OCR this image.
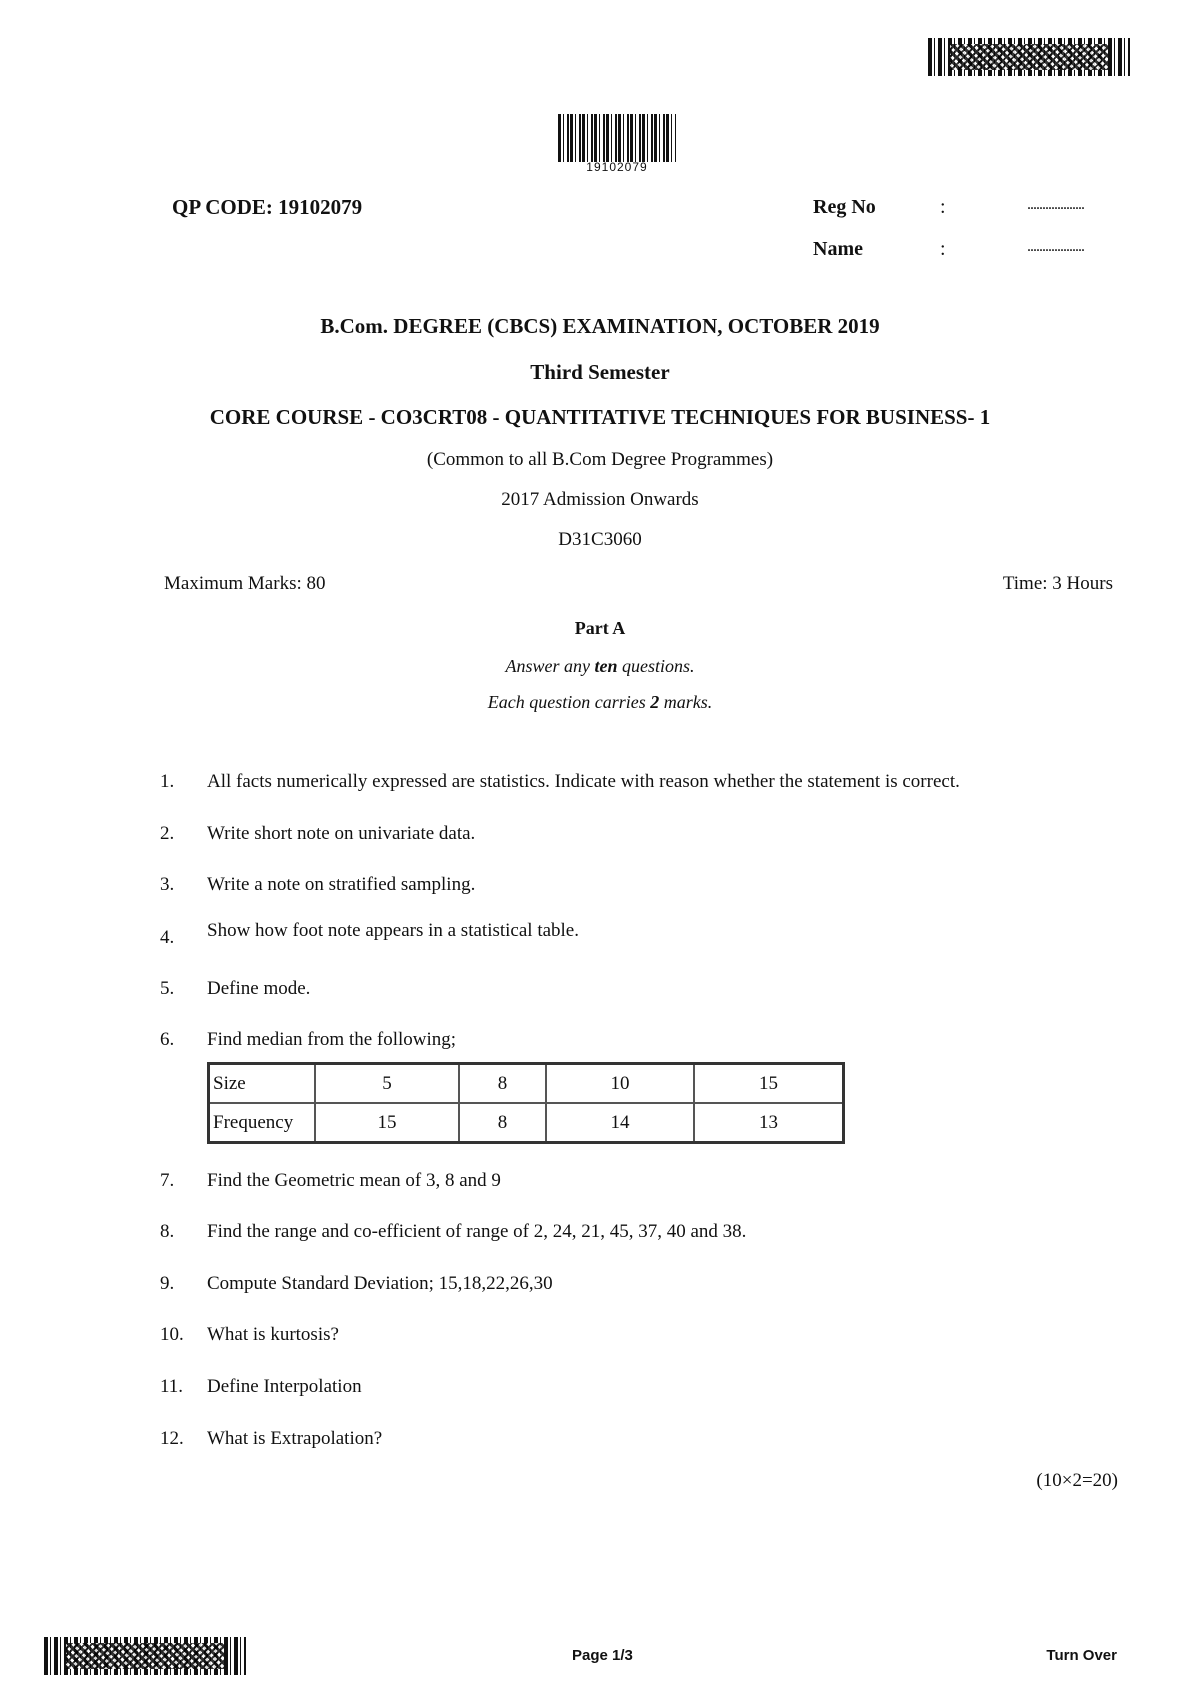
19102079
QP CODE: 19102079	Reg No	:	...................
Name	:	...................
B.Com. DEGREE (CBCS) EXAMINATION, OCTOBER 2019
Third Semester
CORE COURSE - CO3CRT08 - QUANTITATIVE TECHNIQUES FOR BUSINESS- 1
(Common to all B.Com Degree Programmes)
2017 Admission Onwards
D31C3060
Maximum Marks: 80	Time: 3 Hours
Part A
Answer any ten questions.
Each question carries 2 marks.
1.	All facts numerically expressed are statistics. Indicate with reason whether the statement is correct.
2.	Write short note on univariate data.
3.	Write a note on stratified sampling.
4.	Show how foot note appears in a statistical table.
5.	Define mode.
6.	Find median from the following;
Size	5	8	10	15
Frequency	15	8	14	13
7.	Find the Geometric mean of 3, 8 and 9
8.	Find the range and co-efficient of range of 2, 24, 21, 45, 37, 40 and 38.
9.	Compute Standard Deviation; 15,18,22,26,30
10.	What is kurtosis?
11.	Define Interpolation
12.	What is Extrapolation?
(10×2=20)
Page 1/3	Turn Over
